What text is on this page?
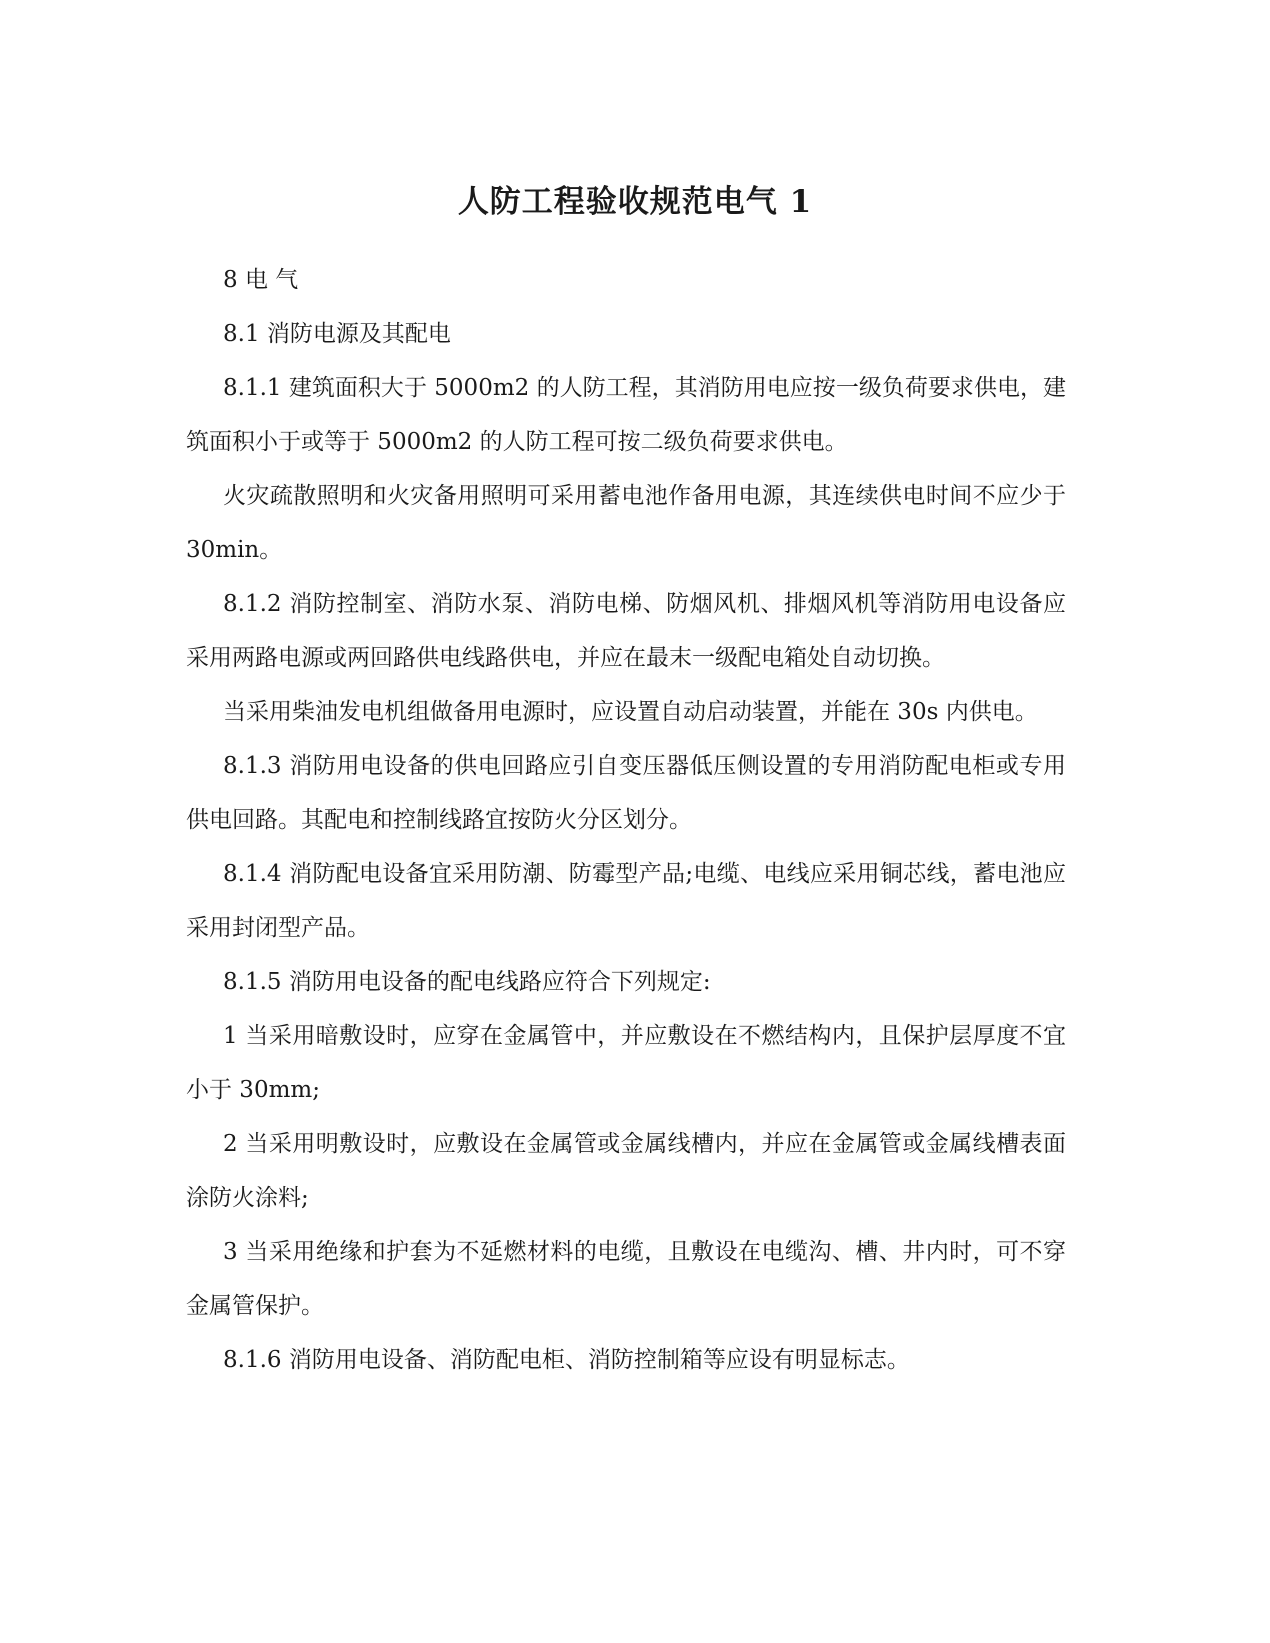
人防工程验收规范电气 1

8 电 气

8.1 消防电源及其配电

8.1.1 建筑面积大于 5000m2 的人防工程，其消防用电应按一级负荷要求供电，建筑面积小于或等于 5000m2 的人防工程可按二级负荷要求供电。

火灾疏散照明和火灾备用照明可采用蓄电池作备用电源，其连续供电时间不应少于 30min。

8.1.2 消防控制室、消防水泵、消防电梯、防烟风机、排烟风机等消防用电设备应采用两路电源或两回路供电线路供电，并应在最末一级配电箱处自动切换。

当采用柴油发电机组做备用电源时，应设置自动启动装置，并能在 30s 内供电。

8.1.3 消防用电设备的供电回路应引自变压器低压侧设置的专用消防配电柜或专用供电回路。其配电和控制线路宜按防火分区划分。

8.1.4 消防配电设备宜采用防潮、防霉型产品;电缆、电线应采用铜芯线，蓄电池应采用封闭型产品。

8.1.5 消防用电设备的配电线路应符合下列规定:

1 当采用暗敷设时，应穿在金属管中，并应敷设在不燃结构内，且保护层厚度不宜小于 30mm;

2 当采用明敷设时，应敷设在金属管或金属线槽内，并应在金属管或金属线槽表面涂防火涂料;

3 当采用绝缘和护套为不延燃材料的电缆，且敷设在电缆沟、槽、井内时，可不穿金属管保护。

8.1.6 消防用电设备、消防配电柜、消防控制箱等应设有明显标志。
